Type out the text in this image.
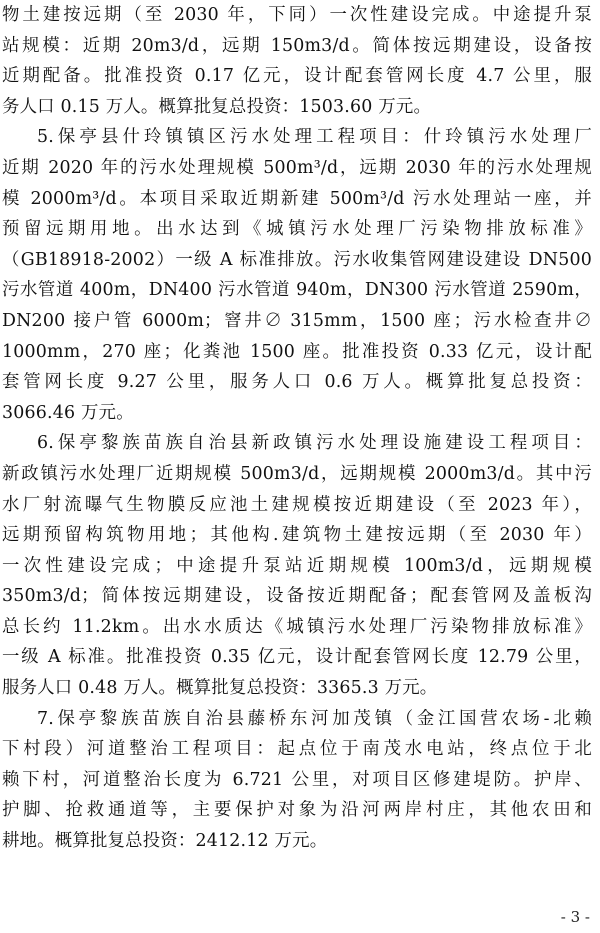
物土建按远期（至 2030 年，下同）一次性建设完成。中途提升泵
站规模：近期 20m3/d，远期 150m3/d。简体按远期建设，设备按
近期配备。批准投资 0.17 亿元，设计配套管网长度 4.7 公里，服
务人口 0.15 万人。概算批复总投资：1503.60 万元。
5.保亭县什玲镇镇区污水处理工程项目：什玲镇污水处理厂
近期 2020 年的污水处理规模 500m³/d，远期 2030 年的污水处理规
模 2000m³/d。本项目采取近期新建 500m³/d 污水处理站一座，并
预留远期用地。出水达到《城镇污水处理厂污染物排放标准》
（GB18918-2002）一级 A 标准排放。污水收集管网建设建设 DN500
污水管道 400m，DN400 污水管道 940m，DN300 污水管道 2590m，
DN200 接户管 6000m；窨井∅ 315mm，1500 座；污水检查井∅
1000mm，270 座；化粪池 1500 座。批准投资 0.33 亿元，设计配
套管网长度 9.27 公里，服务人口 0.6 万人。概算批复总投资：
3066.46 万元。
6.保亭黎族苗族自治县新政镇污水处理设施建设工程项目：
新政镇污水处理厂近期规模 500m3/d，远期规模 2000m3/d。其中污
水厂射流曝气生物膜反应池土建规模按近期建设（至 2023 年），
远期预留构筑物用地；其他构.建筑物土建按远期（至 2030 年）
一次性建设完成；中途提升泵站近期规模 100m3/d，远期规模
350m3/d；简体按远期建设，设备按近期配备；配套管网及盖板沟
总长约 11.2km。出水水质达《城镇污水处理厂污染物排放标准》
一级 A 标准。批准投资 0.35 亿元，设计配套管网长度 12.79 公里，
服务人口 0.48 万人。概算批复总投资：3365.3 万元。
7.保亭黎族苗族自治县藤桥东河加茂镇（金江国营农场-北赖
下村段）河道整治工程项目：起点位于南茂水电站，终点位于北
赖下村，河道整治长度为 6.721 公里，对项目区修建堤防。护岸、
护脚、抢救通道等，主要保护对象为沿河两岸村庄，其他农田和
耕地。概算批复总投资：2412.12 万元。
- 3 -
